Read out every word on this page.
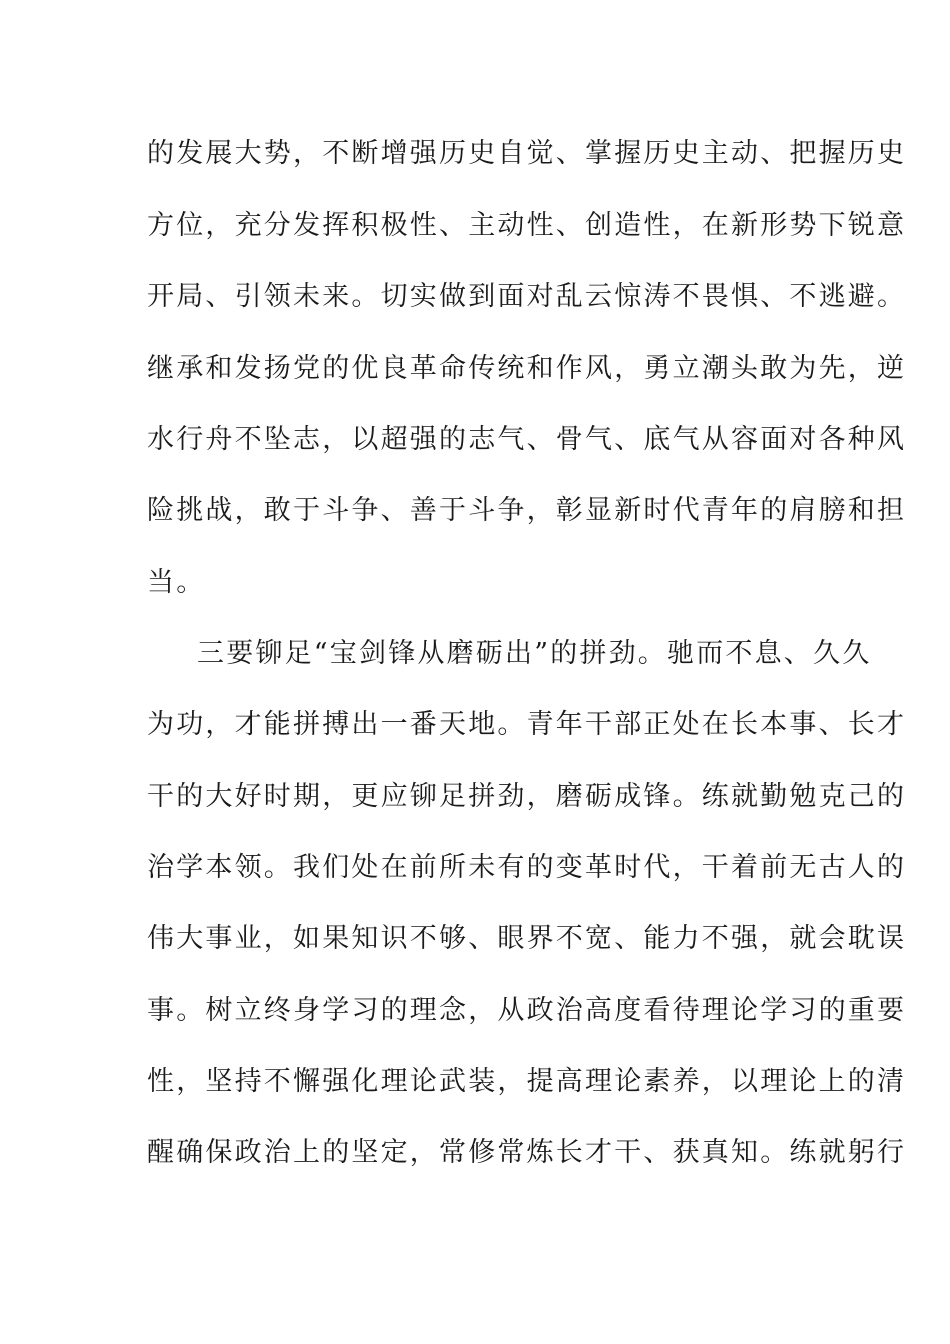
的发展大势，不断增强历史自觉、掌握历史主动、把握历史
方位，充分发挥积极性、主动性、创造性，在新形势下锐意
开局、引领未来。切实做到面对乱云惊涛不畏惧、不逃避。
继承和发扬党的优良革命传统和作风，勇立潮头敢为先，逆
水行舟不坠志，以超强的志气、骨气、底气从容面对各种风
险挑战，敢于斗争、善于斗争，彰显新时代青年的肩膀和担
当。
三要铆足“宝剑锋从磨砺出”的拼劲。驰而不息、久久
为功，才能拼搏出一番天地。青年干部正处在长本事、长才
干的大好时期，更应铆足拼劲，磨砺成锋。练就勤勉克己的
治学本领。我们处在前所未有的变革时代，干着前无古人的
伟大事业，如果知识不够、眼界不宽、能力不强，就会耽误
事。树立终身学习的理念，从政治高度看待理论学习的重要
性，坚持不懈强化理论武装，提高理论素养，以理论上的清
醒确保政治上的坚定，常修常炼长才干、获真知。练就躬行
